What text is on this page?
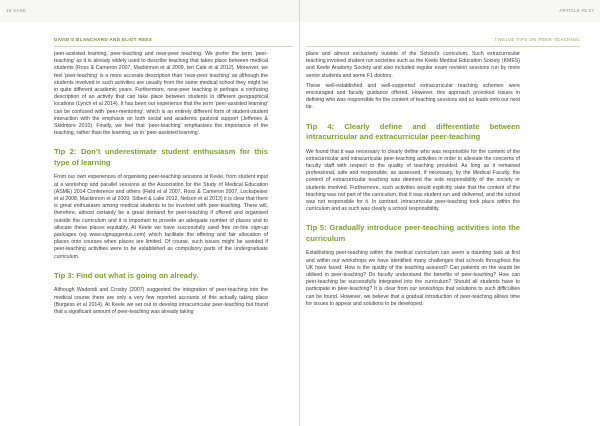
16 SASE
DAVID S BLANCHARD AND ELIOT REES

peer-assisted learning, peer-teaching and near-peer teaching. We prefer the term ‘peer-teaching’ as it is already widely used to describe teaching that takes place between medical students (Ross & Cameron 2007, Mackinnon et al 2009, ten Cate et al 2012). Moreover, we feel ‘peer-teaching’ is a more accurate description than ‘near-peer teaching’ as although the students involved in such activities are usually from the same medical school they might be in quite different academic years. Furthermore, near-peer teaching is perhaps a confusing description of an activity that can take place between students in different geographical locations (Lynch et al 2014). It has been our experience that the term ‘peer-assisted learning’ can be confused with ‘peer-mentoring’, which is an entirely different form of student-student interaction with the emphasis on both social and academic pastoral support (Jefferies & Skidmore 2010). Finally, we feel that ‘peer-teaching’ emphasises the importance of the teaching, rather than the learning, as in ‘peer-assisted learning’.

Tip 2: Don’t underestimate student enthusiasm for this type of learning

From our own experiences of organising peer-teaching sessions at Keele, from student input at a workshop and parallel sessions at the Association for the Study of Medical Education (ASME) 2014 Conference and others (Field et al 2007, Ross & Cameron 2007, Lockspeiser et al 2008, Mackinnon et al 2009, Silbert & Lake 2012, Nelson et al 2013) it is clear that there is great enthusiasm among medical students to be involved with peer-teaching. There will, therefore, almost certainly be a great demand for peer-teaching if offered and organised outside the curriculum and it is important to provide an adequate number of places and to allocate these places equitably. At Keele we have successfully used free on-line sign-up packages (eg www.signupgenius.com) which facilitate the offering and fair allocation of places onto courses when places are limited. Of course, such issues might be avoided if peer-teaching activities were to be established as compulsory parts of the undergraduate curriculum.

Tip 3: Find out what is going on already.

Although Wadoodi and Crosby (2007) suggested the integration of peer-teaching into the medical course there are only a very few reported accounts of this actually taking place (Burgess et al 2014). At Keele we set out to develop intracurricular peer-teaching but found that a significant amount of peer-teaching was already taking

ARTICLE #5 17
TWELVE TIPS ON PEER-TEACHING

place and almost exclusively outside of the School’s curriculum. Such extracurricular teaching involved student run societies such as the Keele Medical Education Society (KMES) and Keele Anatomy Society and also included regular exam revision sessions run by more senior students and some F1 doctors.

These well-established and well-supported extracurricular teaching schemes were encouraged and faculty guidance offered. However, this approach provoked issues in defining who was responsible for the content of teaching sessions and so leads onto our next tip.

Tip 4: Clearly define and differentiate between intracurricular and extracurricular peer-teaching

We found that it was necessary to clearly define who was responsible for the content of the extracurricular and intracurricular peer-teaching activities in order to alleviate the concerns of faculty staff with respect to the quality of teaching provided. As long as it remained professional, safe and responsible, as assessed, if necessary, by the Medical Faculty, the content of extracurricular teaching was deemed the sole responsibility of the society or students involved. Furthermore, such activities would explicitly state that the content of the teaching was not part of the curriculum, that it was student run and delivered, and the school was not responsible for it. In contrast, intracurricular peer-teaching took place within the curriculum and as such was clearly a school responsibility.

Tip 5: Gradually introduce peer-teaching activities into the curriculum

Establishing peer-teaching within the medical curriculum can seem a daunting task at first and within our workshops we have identified many challenges that schools throughout the UK have faced. How is the quality of the teaching assured? Can patients on the wards be utilised in peer-teaching? Do faculty understand the benefits of peer-teaching? How can peer-teaching be successfully integrated into the curriculum? Should all students have to participate in peer-teaching? It is clear from our workshops that solutions to such difficulties can be found. However, we believe that a gradual introduction of peer-teaching allows time for issues to appear and solutions to be developed.
